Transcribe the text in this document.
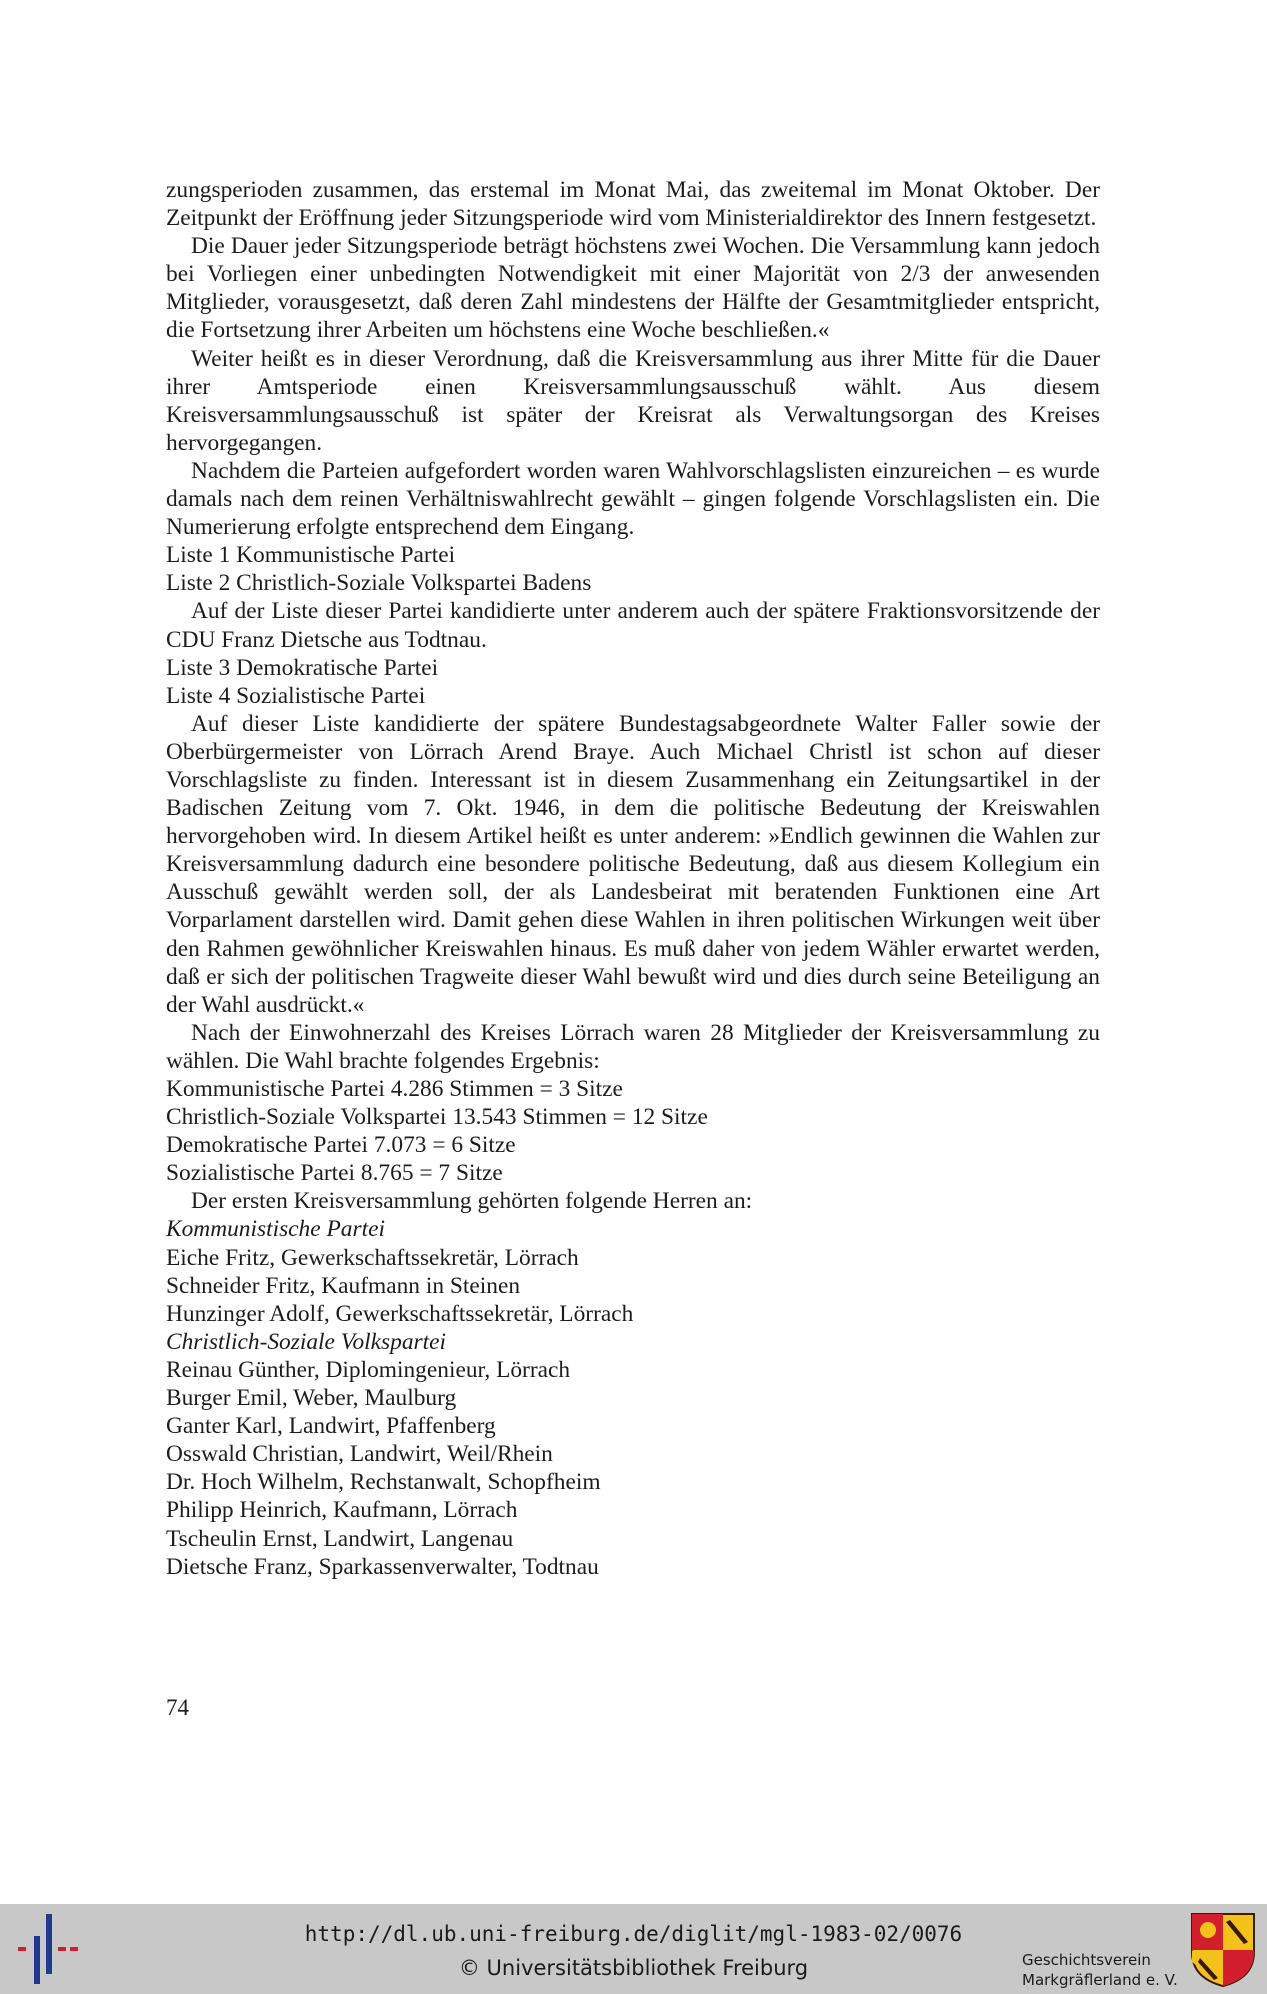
zungsperioden zusammen, das erstemal im Monat Mai, das zweitemal im Monat Oktober. Der Zeitpunkt der Eröffnung jeder Sitzungsperiode wird vom Ministerialdirektor des Innern festgesetzt.

Die Dauer jeder Sitzungsperiode beträgt höchstens zwei Wochen. Die Versammlung kann jedoch bei Vorliegen einer unbedingten Notwendigkeit mit einer Majorität von 2/3 der anwesenden Mitglieder, vorausgesetzt, daß deren Zahl mindestens der Hälfte der Gesamtmitglieder entspricht, die Fortsetzung ihrer Arbeiten um höchstens eine Woche beschließen.«

Weiter heißt es in dieser Verordnung, daß die Kreisversammlung aus ihrer Mitte für die Dauer ihrer Amtsperiode einen Kreisversammlungsausschuß wählt. Aus diesem Kreisversammlungsausschuß ist später der Kreisrat als Verwaltungsorgan des Kreises hervorgegangen.

Nachdem die Parteien aufgefordert worden waren Wahlvorschlagslisten einzureichen – es wurde damals nach dem reinen Verhältniswahlrecht gewählt – gingen folgende Vorschlagslisten ein. Die Numerierung erfolgte entsprechend dem Eingang.

Liste 1 Kommunistische Partei

Liste 2 Christlich-Soziale Volkspartei Badens

Auf der Liste dieser Partei kandidierte unter anderem auch der spätere Fraktionsvorsitzende der CDU Franz Dietsche aus Todtnau.

Liste 3 Demokratische Partei

Liste 4 Sozialistische Partei

Auf dieser Liste kandidierte der spätere Bundestagsabgeordnete Walter Faller sowie der Oberbürgermeister von Lörrach Arend Braye. Auch Michael Christl ist schon auf dieser Vorschlagsliste zu finden. Interessant ist in diesem Zusammenhang ein Zeitungsartikel in der Badischen Zeitung vom 7. Okt. 1946, in dem die politische Bedeutung der Kreiswahlen hervorgehoben wird. In diesem Artikel heißt es unter anderem: »Endlich gewinnen die Wahlen zur Kreisversammlung dadurch eine besondere politische Bedeutung, daß aus diesem Kollegium ein Ausschuß gewählt werden soll, der als Landesbeirat mit beratenden Funktionen eine Art Vorparlament darstellen wird. Damit gehen diese Wahlen in ihren politischen Wirkungen weit über den Rahmen gewöhnlicher Kreiswahlen hinaus. Es muß daher von jedem Wähler erwartet werden, daß er sich der politischen Tragweite dieser Wahl bewußt wird und dies durch seine Beteiligung an der Wahl ausdrückt.«

Nach der Einwohnerzahl des Kreises Lörrach waren 28 Mitglieder der Kreisversammlung zu wählen. Die Wahl brachte folgendes Ergebnis:

Kommunistische Partei 4.286 Stimmen = 3 Sitze

Christlich-Soziale Volkspartei 13.543 Stimmen = 12 Sitze

Demokratische Partei 7.073 = 6 Sitze

Sozialistische Partei 8.765 = 7 Sitze

Der ersten Kreisversammlung gehörten folgende Herren an:

Kommunistische Partei

Eiche Fritz, Gewerkschaftssekretär, Lörrach

Schneider Fritz, Kaufmann in Steinen

Hunzinger Adolf, Gewerkschaftssekretär, Lörrach

Christlich-Soziale Volkspartei

Reinau Günther, Diplomingenieur, Lörrach

Burger Emil, Weber, Maulburg

Ganter Karl, Landwirt, Pfaffenberg

Osswald Christian, Landwirt, Weil/Rhein

Dr. Hoch Wilhelm, Rechstanwalt, Schopfheim

Philipp Heinrich, Kaufmann, Lörrach

Tscheulin Ernst, Landwirt, Langenau

Dietsche Franz, Sparkassenverwalter, Todtnau

74
http://dl.ub.uni-freiburg.de/diglit/mgl-1983-02/0076
© Universitätsbibliothek Freiburg	Geschichtsverein
Markgräflerland e. V.
